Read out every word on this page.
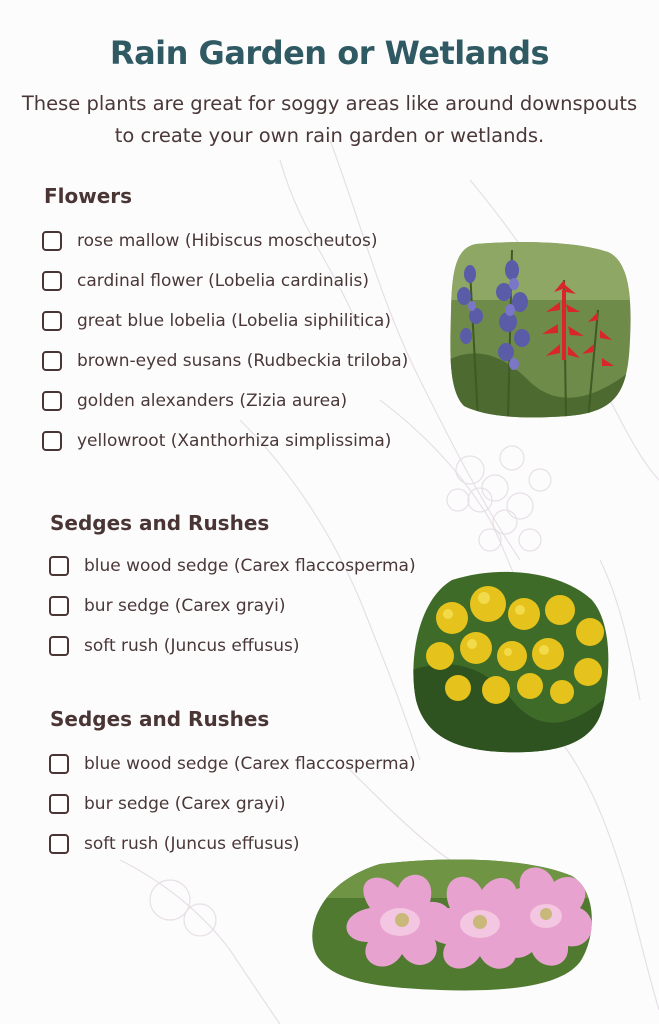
Rain Garden or Wetlands
These plants are great for soggy areas like around downspouts to create your own rain garden or wetlands.
Flowers
rose mallow (Hibiscus moscheutos)
cardinal flower (Lobelia cardinalis)
great blue lobelia (Lobelia siphilitica)
brown-eyed susans (Rudbeckia triloba)
golden alexanders (Zizia aurea)
yellowroot (Xanthorhiza simplissima)
Sedges and Rushes
blue wood sedge (Carex flaccosperma)
bur sedge (Carex grayi)
soft rush (Juncus effusus)
Sedges and Rushes
blue wood sedge (Carex flaccosperma)
bur sedge (Carex grayi)
soft rush (Juncus effusus)
